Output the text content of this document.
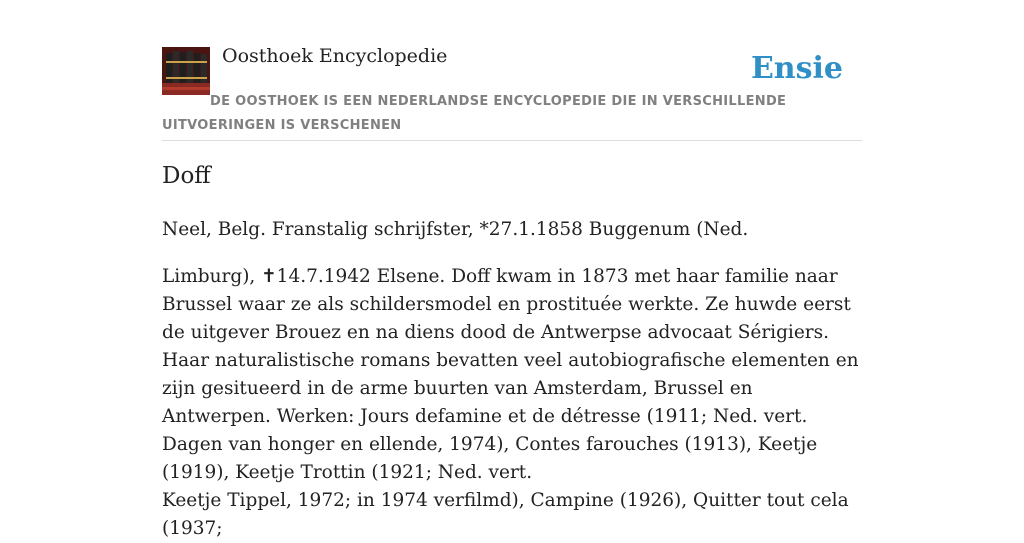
Oosthoek Encyclopedie	Ensie
DE OOSTHOEK IS EEN NEDERLANDSE ENCYCLOPEDIE DIE IN VERSCHILLENDE UITVOERINGEN IS VERSCHENEN
Doff

Neel, Belg. Franstalig schrijfster, *27.1.1858 Buggenum (Ned.

Limburg), ✝14.7.1942 Elsene. Doff kwam in 1873 met haar familie naar Brussel waar ze als schildersmodel en prostituée werkte. Ze huwde eerst de uitgever Brouez en na diens dood de Antwerpse advocaat Sérigiers. Haar naturalistische romans bevatten veel autobiografische elementen en zijn gesitueerd in de arme buurten van Amsterdam, Brussel en Antwerpen. Werken: Jours defamine et de détresse (1911; Ned. vert. Dagen van honger en ellende, 1974), Contes farouches (1913), Keetje (1919), Keetje Trottin (1921; Ned. vert.

Keetje Tippel, 1972; in 1974 verfilmd), Campine (1926), Quitter tout cela (1937;
